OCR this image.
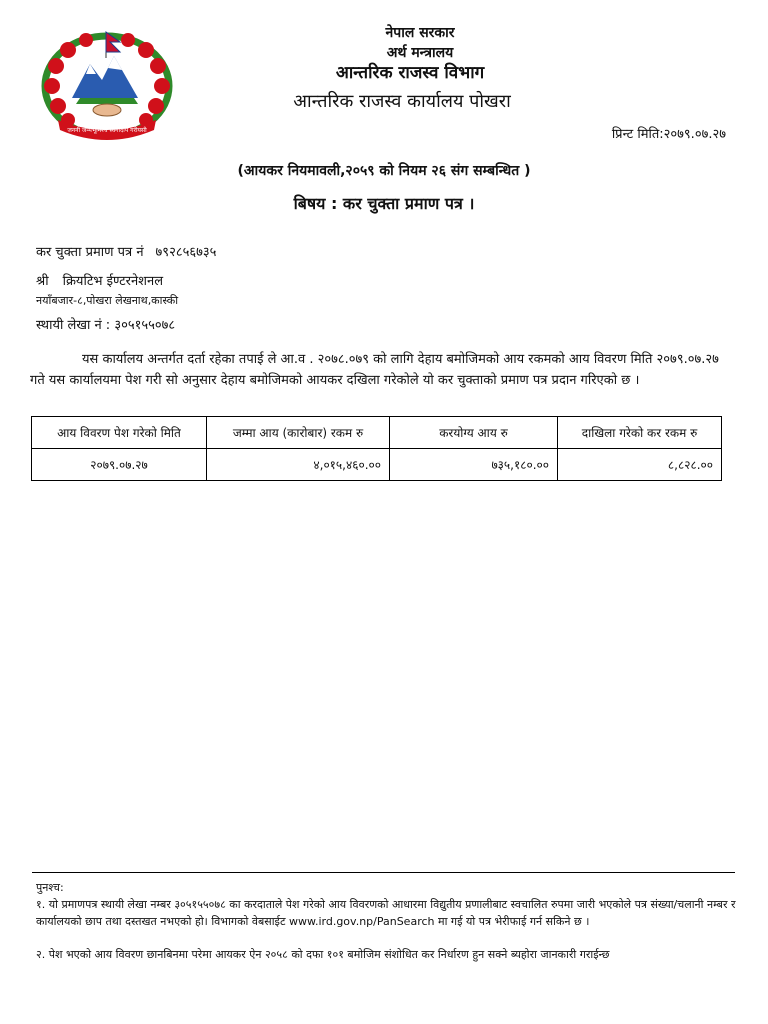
जननी जन्मभूमिश्च स्वर्गादपि गरीयसी
नेपाल सरकार
अर्थ मन्त्रालय
आन्तरिक राजस्व विभाग
आन्तरिक राजस्व कार्यालय पोखरा
प्रिन्ट मिति:२०७९.०७.२७
(आयकर नियमावली,२०५९ को नियम २६ संग सम्बन्धित )
बिषय : कर चुक्ता प्रमाण पत्र ।
कर चुक्ता प्रमाण पत्र नं ७९२८५६७३५
श्री क्रियटिभ ईण्टरनेशनल
नयाँबजार-८,पोखरा लेखनाथ,कास्की
स्थायी लेखा नं : ३०५१५५०७८
यस कार्यालय अन्तर्गत दर्ता रहेका तपाई ले आ.व . २०७८.०७९ को लागि देहाय बमोजिमको आय रकमको आय विवरण मिति २०७९.०७.२७ गते यस कार्यालयमा पेश गरी सो अनुसार देहाय बमोजिमको आयकर दखिला गरेकोले यो कर चुक्ताको प्रमाण पत्र प्रदान गरिएको छ ।
आय विवरण पेश गरेको मिति	जम्मा आय (कारोबार) रकम रु	करयोग्य आय रु	दाखिला गरेको कर रकम रु
२०७९.०७.२७	४,०१५,४६०.००	७३५,१८०.००	८,८२८.००
पुनश्च:
१. यो प्रमाणपत्र स्थायी लेखा नम्बर ३०५१५५०७८ का करदाताले पेश गरेको आय विवरणको आधारमा विद्युतीय प्रणालीबाट स्वचालित रुपमा जारी भएकोले पत्र संख्या/चलानी नम्बर र कार्यालयको छाप तथा दस्तखत नभएको हो। विभागको वेबसाईट www.ird.gov.np/PanSearch मा गई यो पत्र भेरीफाई गर्न सकिने छ ।
२. पेश भएको आय विवरण छानबिनमा परेमा आयकर ऐन २०५८ को दफा १०१ बमोजिम संशोधित कर निर्धारण हुन सक्ने ब्यहोरा जानकारी गराईन्छ
